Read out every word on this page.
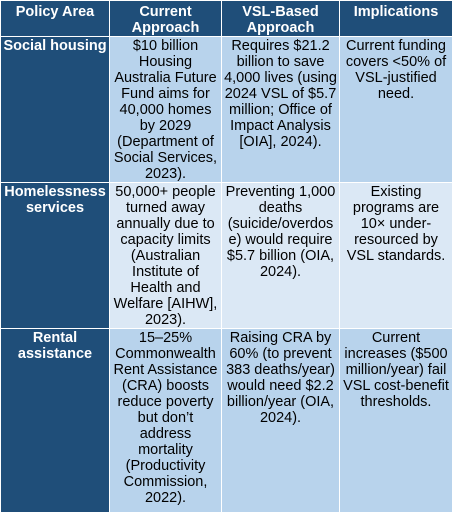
Policy Area	Current Approach	VSL-Based Approach	Implications
Social housing	$10 billion Housing Australia Future Fund aims for 40,000 homes by 2029 (Department of Social Services, 2023).	Requires $21.2 billion to save 4,000 lives (using 2024 VSL of $5.7 million; Office of Impact Analysis [OIA], 2024).	Current funding covers <50% of VSL-justified need.
Homelessness services	50,000+ people turned away annually due to capacity limits (Australian Institute of Health and Welfare [AIHW], 2023).	Preventing 1,000 deaths (suicide/overdose) would require $5.7 billion (OIA, 2024).	Existing programs are 10× under-resourced by VSL standards.
Rental assistance	15–25% Commonwealth Rent Assistance (CRA) boosts reduce poverty but don’t address mortality (Productivity Commission, 2022).	Raising CRA by 60% (to prevent 383 deaths/year) would need $2.2 billion/year (OIA, 2024).	Current increases ($500 million/year) fail VSL cost-benefit thresholds.
